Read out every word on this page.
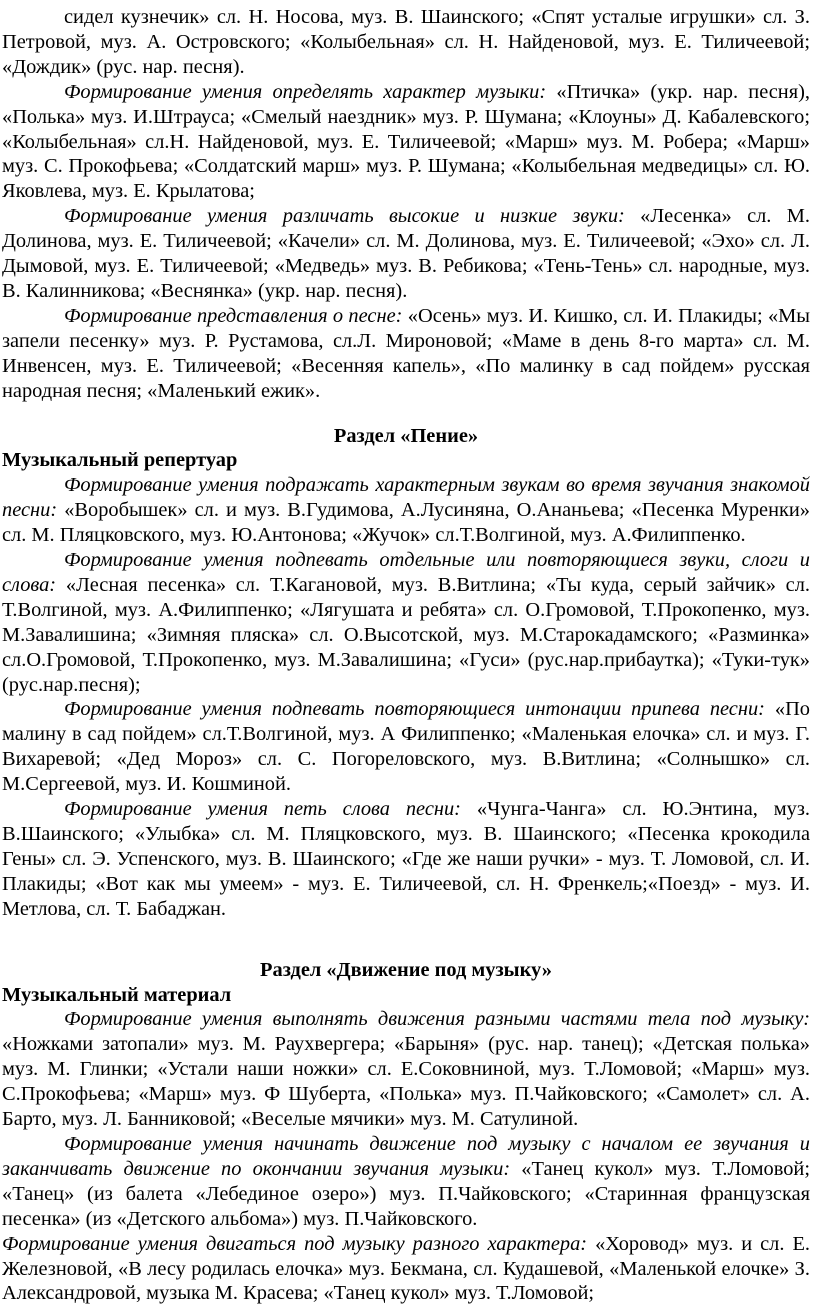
сидел кузнечик» сл. Н. Носова, муз. В. Шаинского; «Спят усталые игрушки» сл. З. Петровой, муз. А. Островского; «Колыбельная» сл. Н. Найденовой, муз. Е. Тиличеевой; «Дождик» (рус. нар. песня).

Формирование умения определять характер музыки: «Птичка» (укр. нар. песня), «Полька» муз. И.Штрауса; «Смелый наездник» муз. Р. Шумана; «Клоуны» Д. Кабалевского; «Колыбельная» сл.Н. Найденовой, муз. Е. Тиличеевой; «Марш» муз. М. Робера; «Марш» муз. С. Прокофьева; «Солдатский марш» муз. Р. Шумана; «Колыбельная медведицы» сл. Ю. Яковлева, муз. Е. Крылатова;

Формирование умения различать высокие и низкие звуки: «Лесенка» сл. М. Долинова, муз. Е. Тиличеевой; «Качели» сл. М. Долинова, муз. Е. Тиличеевой; «Эхо» сл. Л. Дымовой, муз. Е. Тиличеевой; «Медведь» муз. В. Ребикова; «Тень-Тень» сл. народные, муз. В. Калинникова; «Веснянка» (укр. нар. песня).

Формирование представления о песне: «Осень» муз. И. Кишко, сл. И. Плакиды; «Мы запели песенку» муз. Р. Рустамова, сл.Л. Мироновой; «Маме в день 8-го марта» сл. М. Инвенсен, муз. Е. Тиличеевой; «Весенняя капель», «По малинку в сад пойдем» русская народная песня; «Маленький ежик».

Раздел «Пение»
Музыкальный репертуар

Формирование умения подражать характерным звукам во время звучания знакомой песни: «Воробышек» сл. и муз. В.Гудимова, А.Лусиняна, О.Ананьева; «Песенка Муренки» сл. М. Пляцковского, муз. Ю.Антонова; «Жучок» сл.Т.Волгиной, муз. А.Филиппенко.

Формирование умения подпевать отдельные или повторяющиеся звуки, слоги и слова: «Лесная песенка» сл. Т.Кагановой, муз. В.Витлина; «Ты куда, серый зайчик» сл. Т.Волгиной, муз. А.Филиппенко; «Лягушата и ребята» сл. О.Громовой, Т.Прокопенко, муз. М.Завалишина; «Зимняя пляска» сл. О.Высотской, муз. М.Старокадамского; «Разминка» сл.О.Громовой, Т.Прокопенко, муз. М.Завалишина; «Гуси» (рус.нар.прибаутка); «Туки-тук» (рус.нар.песня);

Формирование умения подпевать повторяющиеся интонации припева песни: «По малину в сад пойдем» сл.Т.Волгиной, муз. А Филиппенко; «Маленькая елочка» сл. и муз. Г. Вихаревой; «Дед Мороз» сл. С. Погореловского, муз. В.Витлина; «Солнышко» сл. М.Сергеевой, муз. И. Кошминой.

Формирование умения петь слова песни: «Чунга-Чанга» сл. Ю.Энтина, муз. В.Шаинского; «Улыбка» сл. М. Пляцковского, муз. В. Шаинского; «Песенка крокодила Гены» сл. Э. Успенского, муз. В. Шаинского; «Где же наши ручки» - муз. Т. Ломовой, сл. И. Плакиды; «Вот как мы умеем» - муз. Е. Тиличеевой, сл. Н. Френкель;«Поезд» - муз. И. Метлова, сл. Т. Бабаджан.

Раздел «Движение под музыку»
Музыкальный материал

Формирование умения выполнять движения разными частями тела под музыку: «Ножками затопали» муз. М. Раухвергера; «Барыня» (рус. нар. танец); «Детская полька» муз. М. Глинки; «Устали наши ножки» сл. Е.Соковниной, муз. Т.Ломовой; «Марш» муз. С.Прокофьева; «Марш» муз. Ф Шуберта, «Полька» муз. П.Чайковского; «Самолет» сл. А. Барто, муз. Л. Банниковой; «Веселые мячики» муз. М. Сатулиной.

Формирование умения начинать движение под музыку с началом ее звучания и заканчивать движение по окончании звучания музыки: «Танец кукол» муз. Т.Ломовой; «Танец» (из балета «Лебединое озеро») муз. П.Чайковского; «Старинная французская песенка» (из «Детского альбома») муз. П.Чайковского.

Формирование умения двигаться под музыку разного характера: «Хоровод» муз. и сл. Е. Железновой, «В лесу родилась елочка» муз. Бекмана, сл. Кудашевой, «Маленькой елочке» З. Александровой, музыка М. Красева; «Танец кукол» муз. Т.Ломовой;
